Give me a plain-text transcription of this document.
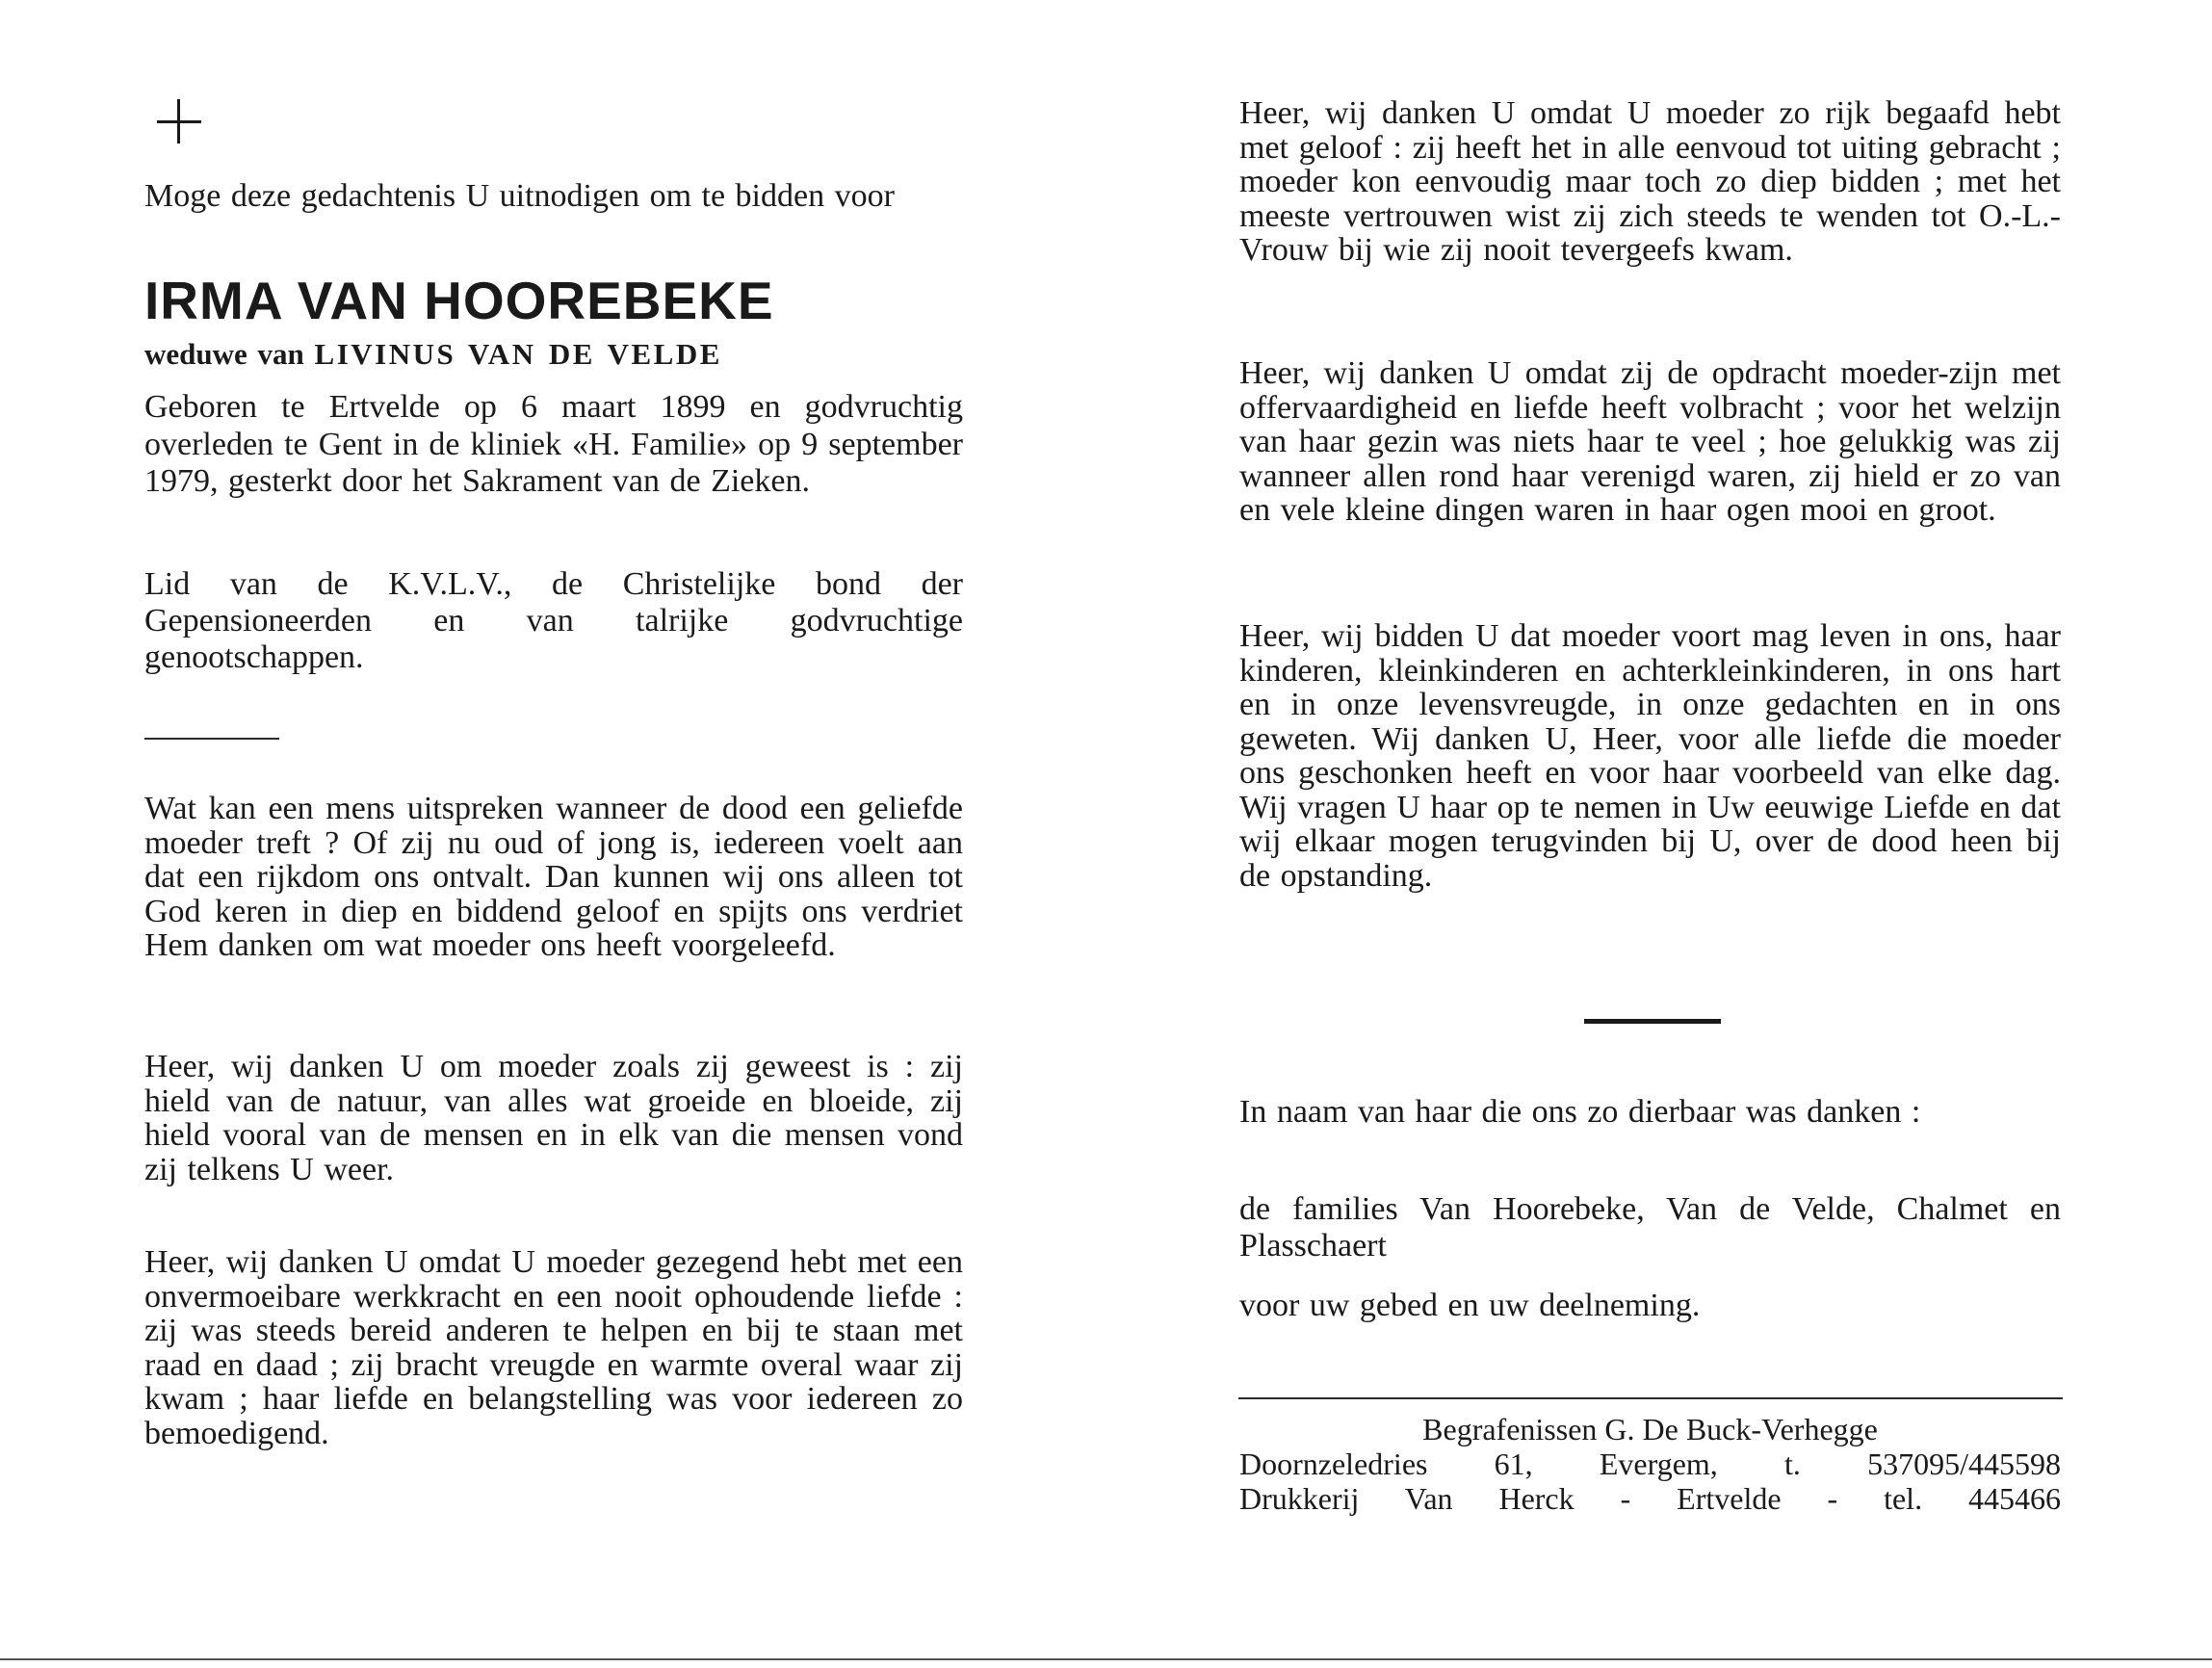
Moge deze gedachtenis U uitnodigen om te bidden voor
IRMA VAN HOOREBEKE
weduwe van LIVINUS VAN DE VELDE
Geboren te Ertvelde op 6 maart 1899 en godvruchtig overleden te Gent in de kliniek «H. Familie» op 9 september 1979, gesterkt door het Sakrament van de Zieken.
Lid van de K.V.L.V., de Christelijke bond der Gepensioneerden en van talrijke godvruchtige genootschappen.
Wat kan een mens uitspreken wanneer de dood een geliefde moeder treft ? Of zij nu oud of jong is, iedereen voelt aan dat een rijkdom ons ontvalt. Dan kunnen wij ons alleen tot God keren in diep en biddend geloof en spijts ons verdriet Hem danken om wat moeder ons heeft voorgeleefd.
Heer, wij danken U om moeder zoals zij geweest is : zij hield van de natuur, van alles wat groeide en bloeide, zij hield vooral van de mensen en in elk van die mensen vond zij telkens U weer.
Heer, wij danken U omdat U moeder gezegend hebt met een onvermoeibare werkkracht en een nooit ophoudende liefde : zij was steeds bereid anderen te helpen en bij te staan met raad en daad ; zij bracht vreugde en warmte overal waar zij kwam ; haar liefde en belangstelling was voor iedereen zo bemoedigend.
Heer, wij danken U omdat U moeder zo rijk begaafd hebt met geloof : zij heeft het in alle eenvoud tot uiting gebracht ; moeder kon eenvoudig maar toch zo diep bidden ; met het meeste vertrouwen wist zij zich steeds te wenden tot O.-L.-Vrouw bij wie zij nooit tevergeefs kwam.
Heer, wij danken U omdat zij de opdracht moeder-zijn met offervaardigheid en liefde heeft volbracht ; voor het welzijn van haar gezin was niets haar te veel ; hoe gelukkig was zij wanneer allen rond haar verenigd waren, zij hield er zo van en vele kleine dingen waren in haar ogen mooi en groot.
Heer, wij bidden U dat moeder voort mag leven in ons, haar kinderen, kleinkinderen en achterkleinkinderen, in ons hart en in onze levensvreugde, in onze gedachten en in ons geweten. Wij danken U, Heer, voor alle liefde die moeder ons geschonken heeft en voor haar voorbeeld van elke dag. Wij vragen U haar op te nemen in Uw eeuwige Liefde en dat wij elkaar mogen terugvinden bij U, over de dood heen bij de opstanding.
In naam van haar die ons zo dierbaar was danken :
de families Van Hoorebeke, Van de Velde, Chalmet en Plasschaert
voor uw gebed en uw deelneming.
Begrafenissen G. De Buck-Verhegge
Doornzeledries 61, Evergem, t. 537095/445598
Drukkerij Van Herck - Ertvelde - tel. 445466
